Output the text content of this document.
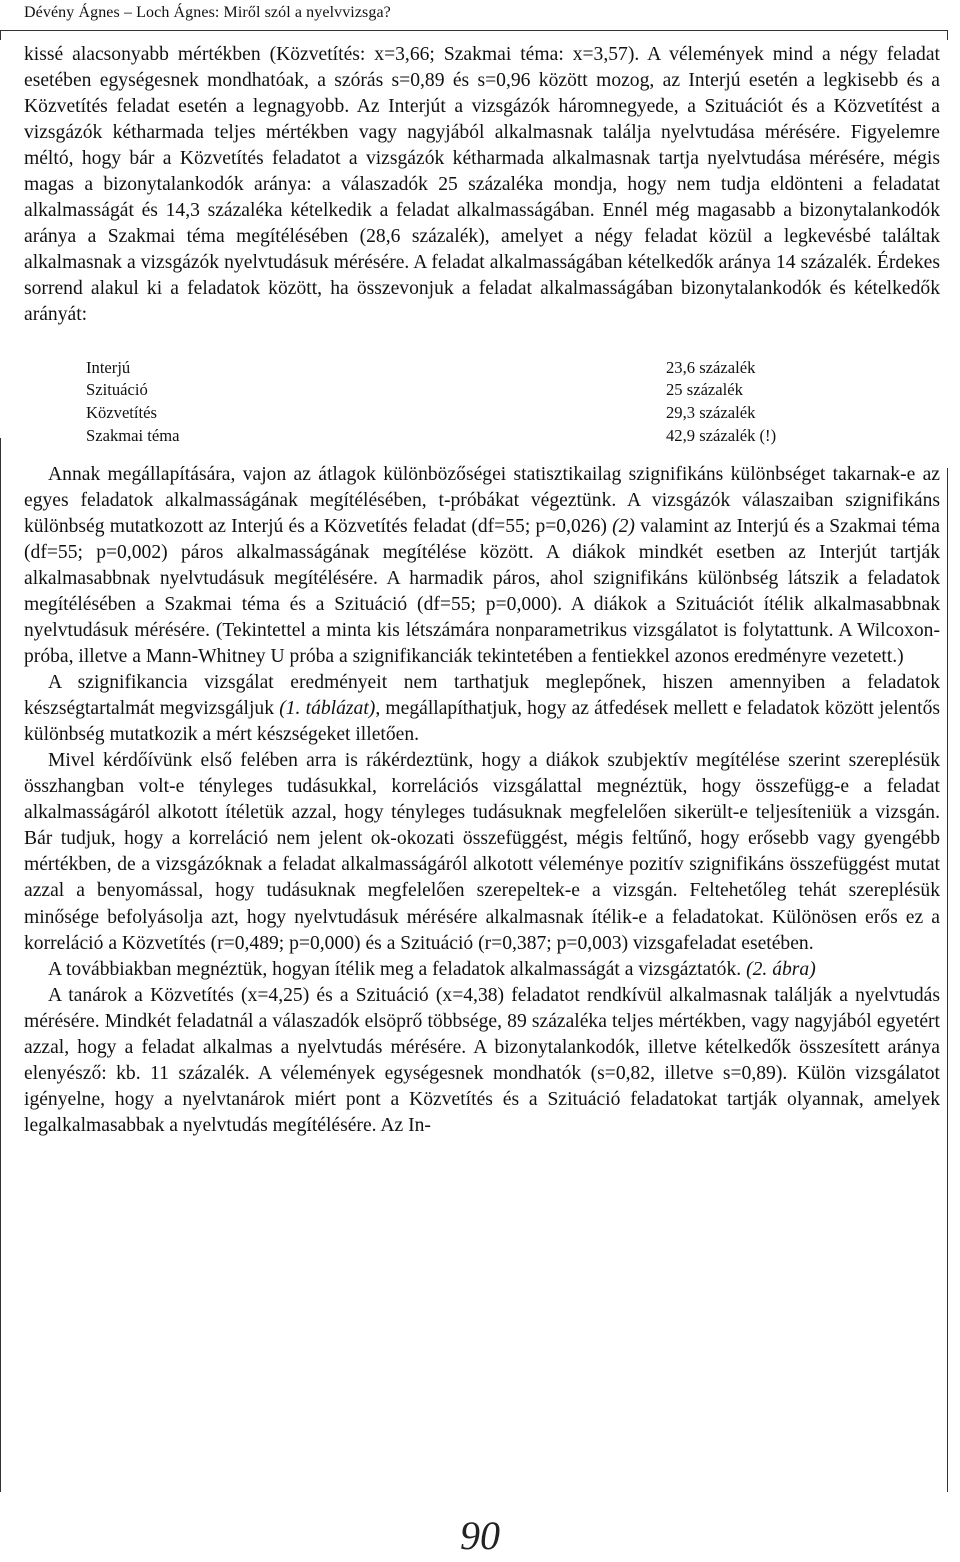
Dévény Ágnes – Loch Ágnes: Miről szól a nyelvvizsga?

kissé alacsonyabb mértékben (Közvetítés: x=3,66; Szakmai téma: x=3,57). A vélemények mind a négy feladat esetében egységesnek mondhatóak, a szórás s=0,89 és s=0,96 között mozog, az Interjú esetén a legkisebb és a Közvetítés feladat esetén a legnagyobb. Az Interjút a vizsgázók háromnegyede, a Szituációt és a Közvetítést a vizsgázók kétharmada teljes mértékben vagy nagyjából alkalmasnak találja nyelvtudása mérésére. Figyelemre méltó, hogy bár a Közvetítés feladatot a vizsgázók kétharmada alkalmasnak tartja nyelvtudása mérésére, mégis magas a bizonytalankodók aránya: a válaszadók 25 százaléka mondja, hogy nem tudja eldönteni a feladatat alkalmasságát és 14,3 százaléka kételkedik a feladat alkalmasságában. Ennél még magasabb a bizonytalankodók aránya a Szakmai téma megítélésében (28,6 százalék), amelyet a négy feladat közül a legkevésbé találtak alkalmasnak a vizsgázók nyelvtudásuk mérésére. A feladat alkalmasságában kételkedők aránya 14 százalék. Érdekes sorrend alakul ki a feladatok között, ha összevonjuk a feladat alkalmasságában bizonytalankodók és kételkedők arányát:

Interjú	23,6 százalék
Szituáció	25 százalék
Közvetítés	29,3 százalék
Szakmai téma	42,9 százalék (!)

Annak megállapítására, vajon az átlagok különbözőségei statisztikailag szignifikáns különbséget takarnak-e az egyes feladatok alkalmasságának megítélésében, t-próbákat végeztünk. A vizsgázók válaszaiban szignifikáns különbség mutatkozott az Interjú és a Közvetítés feladat (df=55; p=0,026) (2) valamint az Interjú és a Szakmai téma (df=55; p=0,002) páros alkalmasságának megítélése között. A diákok mindkét esetben az Interjút tartják alkalmasabbnak nyelvtudásuk megítélésére. A harmadik páros, ahol szignifikáns különbség látszik a feladatok megítélésében a Szakmai téma és a Szituáció (df=55; p=0,000). A diákok a Szituációt ítélik alkalmasabbnak nyelvtudásuk mérésére. (Tekintettel a minta kis létszámára nonparametrikus vizsgálatot is folytattunk. A Wilcoxon-próba, illetve a Mann-Whitney U próba a szignifikanciák tekintetében a fentiekkel azonos eredményre vezetett.)

A szignifikancia vizsgálat eredményeit nem tarthatjuk meglepőnek, hiszen amennyiben a feladatok készségtartalmát megvizsgáljuk (1. táblázat), megállapíthatjuk, hogy az átfedések mellett e feladatok között jelentős különbség mutatkozik a mért készségeket illetően.

Mivel kérdőívünk első felében arra is rákérdeztünk, hogy a diákok szubjektív megítélése szerint szereplésük összhangban volt-e tényleges tudásukkal, korrelációs vizsgálattal megnéztük, hogy összefügg-e a feladat alkalmasságáról alkotott ítéletük azzal, hogy tényleges tudásuknak megfelelően sikerült-e teljesíteniük a vizsgán. Bár tudjuk, hogy a korreláció nem jelent ok-okozati összefüggést, mégis feltűnő, hogy erősebb vagy gyengébb mértékben, de a vizsgázóknak a feladat alkalmasságáról alkotott véleménye pozitív szignifikáns összefüggést mutat azzal a benyomással, hogy tudásuknak megfelelően szerepeltek-e a vizsgán. Feltehetőleg tehát szereplésük minősége befolyásolja azt, hogy nyelvtudásuk mérésére alkalmasnak ítélik-e a feladatokat. Különösen erős ez a korreláció a Közvetítés (r=0,489; p=0,000) és a Szituáció (r=0,387; p=0,003) vizsgafeladat esetében.

A továbbiakban megnéztük, hogyan ítélik meg a feladatok alkalmasságát a vizsgáztatók. (2. ábra)

A tanárok a Közvetítés (x=4,25) és a Szituáció (x=4,38) feladatot rendkívül alkalmasnak találják a nyelvtudás mérésére. Mindkét feladatnál a válaszadók elsöprő többsége, 89 százaléka teljes mértékben, vagy nagyjából egyetért azzal, hogy a feladat alkalmas a nyelvtudás mérésére. A bizonytalankodók, illetve kételkedők összesített aránya elenyésző: kb. 11 százalék. A vélemények egységesnek mondhatók (s=0,82, illetve s=0,89). Külön vizsgálatot igényelne, hogy a nyelvtanárok miért pont a Közvetítés és a Szituáció feladatokat tartják olyannak, amelyek legalkalmasabbak a nyelvtudás megítélésére. Az In-

90
